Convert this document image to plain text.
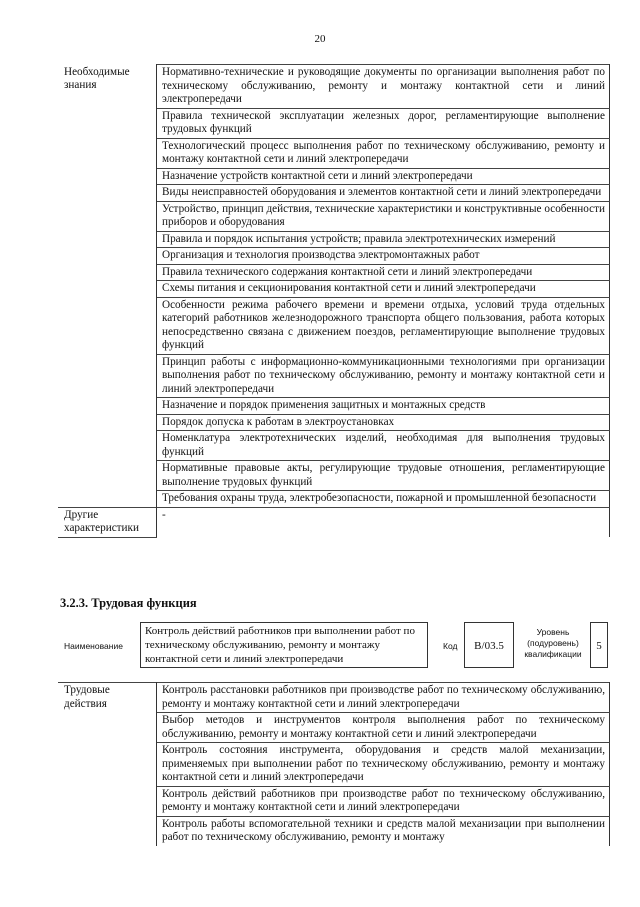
20
Необходимые знания	Нормативно-технические и руководящие документы по организации выполнения работ по техническому обслуживанию, ремонту и монтажу контактной сети и линий электропередачи
	Правила технической эксплуатации железных дорог, регламентирующие выполнение трудовых функций
	Технологический процесс выполнения работ по техническому обслуживанию, ремонту и монтажу контактной сети и линий электропередачи
	Назначение устройств контактной сети и линий электропередачи
	Виды неисправностей оборудования и элементов контактной сети и линий электропередачи
	Устройство, принцип действия, технические характеристики и конструктивные особенности приборов и оборудования
	Правила и порядок испытания устройств; правила электротехнических измерений
	Организация и технология производства электромонтажных работ
	Правила технического содержания контактной сети и линий электропередачи
	Схемы питания и секционирования контактной сети и линий электропередачи
	Особенности режима рабочего времени и времени отдыха, условий труда отдельных категорий работников железнодорожного транспорта общего пользования, работа которых непосредственно связана с движением поездов, регламентирующие выполнение трудовых функций
	Принцип работы с информационно-коммуникационными технологиями при организации выполнения работ по техническому обслуживанию, ремонту и монтажу контактной сети и линий электропередачи
	Назначение и порядок применения защитных и монтажных средств
	Порядок допуска к работам в электроустановках
	Номенклатура электротехнических изделий, необходимая для выполнения трудовых функций
	Нормативные правовые акты, регулирующие трудовые отношения, регламентирующие выполнение трудовых функций
	Требования охраны труда, электробезопасности, пожарной и промышленной безопасности
Другие характеристики	-
3.2.3. Трудовая функция
Наименование
Контроль действий работников при выполнении работ по техническому обслуживанию, ремонту и монтажу контактной сети и линий электропередачи
Код	B/03.5
Уровень (подуровень) квалификации
5
Трудовые действия	Контроль расстановки работников при производстве работ по техническому обслуживанию, ремонту и монтажу контактной сети и линий электропередачи
Выбор методов и инструментов контроля выполнения работ по техническому обслуживанию, ремонту и монтажу контактной сети и линий электропередачи
Контроль состояния инструмента, оборудования и средств малой механизации, применяемых при выполнении работ по техническому обслуживанию, ремонту и монтажу контактной сети и линий электропередачи
Контроль действий работников при производстве работ по техническому обслуживанию, ремонту и монтажу контактной сети и линий электропередачи
Контроль работы вспомогательной техники и средств малой механизации при выполнении работ по техническому обслуживанию, ремонту и монтажу
